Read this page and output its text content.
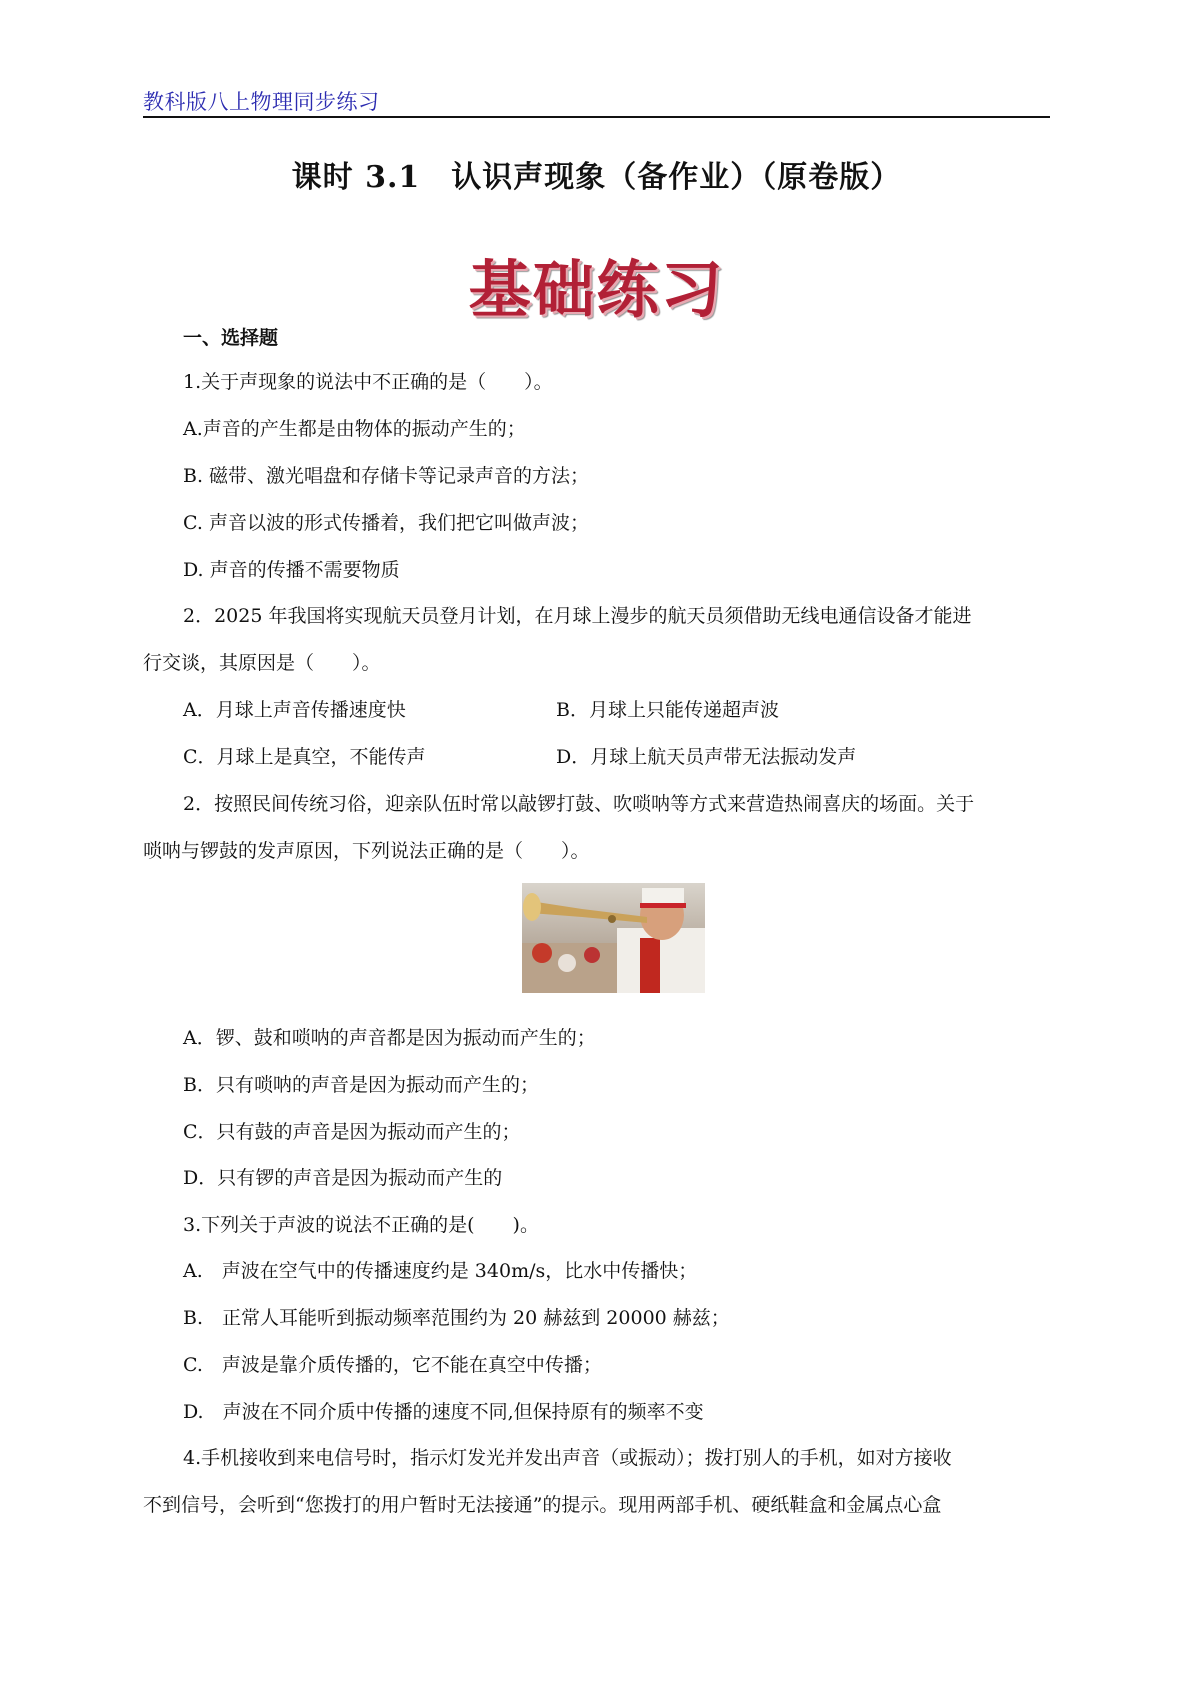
教科版八上物理同步练习
课时 3.1　认识声现象（备作业）（原卷版）
基础练习
一、选择题
1.关于声现象的说法中不正确的是（　　）。
A.声音的产生都是由物体的振动产生的；
B. 磁带、激光唱盘和存储卡等记录声音的方法；
C. 声音以波的形式传播着，我们把它叫做声波；
D. 声音的传播不需要物质
2．2025 年我国将实现航天员登月计划，在月球上漫步的航天员须借助无线电通信设备才能进
行交谈，其原因是（　　）。
A．月球上声音传播速度快	B．月球上只能传递超声波
C．月球上是真空，不能传声	D．月球上航天员声带无法振动发声
2．按照民间传统习俗，迎亲队伍时常以敲锣打鼓、吹唢呐等方式来营造热闹喜庆的场面。关于
唢呐与锣鼓的发声原因，下列说法正确的是（　　）。
A．锣、鼓和唢呐的声音都是因为振动而产生的；
B．只有唢呐的声音是因为振动而产生的；
C．只有鼓的声音是因为振动而产生的；
D．只有锣的声音是因为振动而产生的
3.下列关于声波的说法不正确的是(　　)。
A.　声波在空气中的传播速度约是 340m/s，比水中传播快；
B.　正常人耳能听到振动频率范围约为 20 赫兹到 20000 赫兹；
C.　声波是靠介质传播的，它不能在真空中传播；
D.　声波在不同介质中传播的速度不同,但保持原有的频率不变
4.手机接收到来电信号时，指示灯发光并发出声音（或振动）；拨打别人的手机，如对方接收
不到信号，会听到“您拨打的用户暂时无法接通”的提示。现用两部手机、硬纸鞋盒和金属点心盒
